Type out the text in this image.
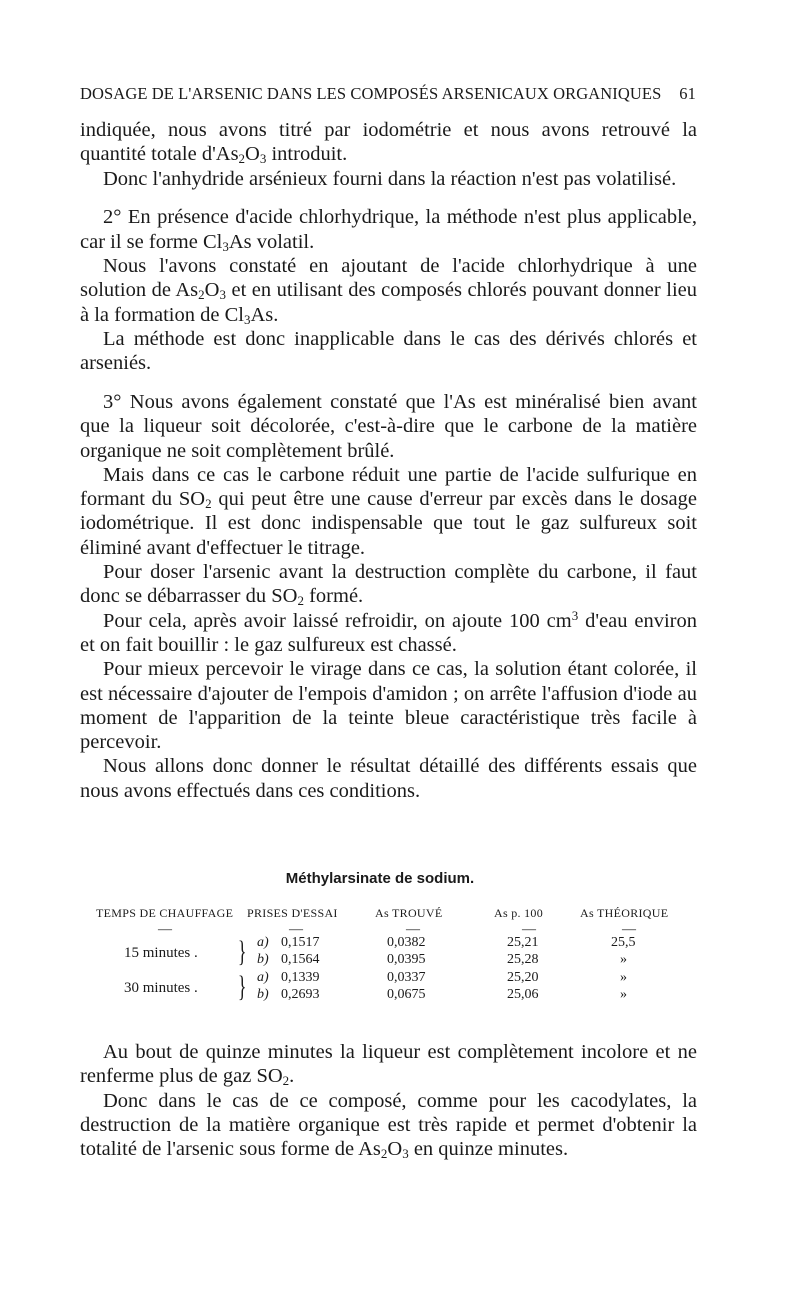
DOSAGE DE L'ARSENIC DANS LES COMPOSÉS ARSENICAUX ORGANIQUES 61

indiquée, nous avons titré par iodométrie et nous avons retrouvé la quantité totale $d'As_2O_3$ introduit.

Donc l'anhydride arsénieux fourni dans la réaction n'est pas volatilisé.

2° En présence d'acide chlorhydrique, la méthode n'est plus applicable, car il se forme $Cl_3As$ volatil.

Nous l'avons constaté en ajoutant de l'acide chlorhydrique à une solution de $As_2O_3$ et en utilisant des composés chlorés pouvant donner lieu à la formation de $Cl_3As$.

La méthode est donc inapplicable dans le cas des dérivés chlorés et arseniés.

3° Nous avons également constaté que l'As est minéralisé bien avant que la liqueur soit décolorée, c'est-à-dire que le carbone de la matière organique ne soit complètement brûlé.

Mais dans ce cas le carbone réduit une partie de l'acide sulfurique en formant du $SO_2$ qui peut être une cause d'erreur par excès dans le dosage iodométrique. Il est donc indispensable que tout le gaz sulfureux soit éliminé avant d'effectuer le titrage.

Pour doser l'arsenic avant la destruction complète du carbone, il faut donc se débarrasser du $SO_2$ formé.

Pour cela, après avoir laissé refroidir, on ajoute 100 $cm^3$ d'eau environ et on fait bouillir : le gaz sulfureux est chassé.

Pour mieux percevoir le virage dans ce cas, la solution étant colorée, il est nécessaire d'ajouter de l'empois d'amidon ; on arrête l'affusion d'iode au moment de l'apparition de la teinte bleue caractéristique très facile à percevoir.

Nous allons donc donner le résultat détaillé des différents essais que nous avons effectués dans ces conditions.

Méthylarsinate de sodium.
TEMPS DE CHAUFFAGE PRISES D'ESSAI	As TROUVÉ	As p. 100	As THÉORIQUE
—	—	—	—	—
15 minutes . } a) 0,1517	0,0382	25,21	25,5
b) 0,1564	0,0395	25,28	»
30 minutes . } a) 0,1339	0,0337	25,20	»
b) 0,2693	0,0675	25,06	»

Au bout de quinze minutes la liqueur est complètement incolore et ne renferme plus de gaz $SO_2$.

Donc dans le cas de ce composé, comme pour les cacodylates, la destruction de la matière organique est très rapide et permet d'obtenir la totalité de l'arsenic sous forme de $As_2O_3$ en quinze minutes.
